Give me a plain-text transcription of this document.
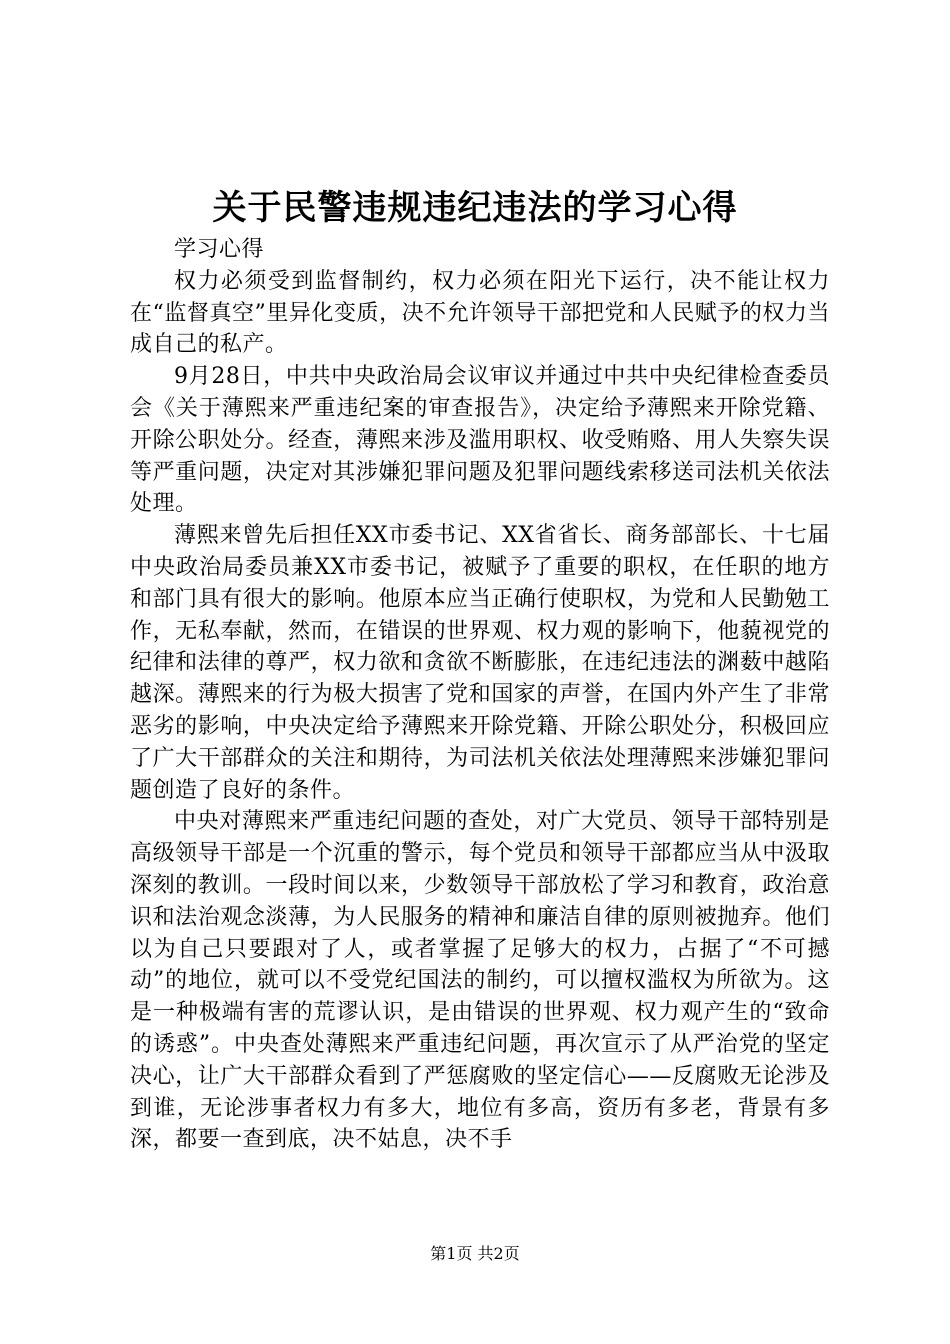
关于民警违规违纪违法的学习心得

学习心得

权力必须受到监督制约，权力必须在阳光下运行，决不能让权力在“监督真空”里异化变质，决不允许领导干部把党和人民赋予的权力当成自己的私产。

9月28日，中共中央政治局会议审议并通过中共中央纪律检查委员会《关于薄熙来严重违纪案的审查报告》，决定给予薄熙来开除党籍、开除公职处分。经查，薄熙来涉及滥用职权、收受贿赂、用人失察失误等严重问题，决定对其涉嫌犯罪问题及犯罪问题线索移送司法机关依法处理。

薄熙来曾先后担任XX市委书记、XX省省长、商务部部长、十七届中央政治局委员兼XX市委书记，被赋予了重要的职权，在任职的地方和部门具有很大的影响。他原本应当正确行使职权，为党和人民勤勉工作，无私奉献，然而，在错误的世界观、权力观的影响下，他藐视党的纪律和法律的尊严，权力欲和贪欲不断膨胀，在违纪违法的渊薮中越陷越深。薄熙来的行为极大损害了党和国家的声誉，在国内外产生了非常恶劣的影响，中央决定给予薄熙来开除党籍、开除公职处分，积极回应了广大干部群众的关注和期待，为司法机关依法处理薄熙来涉嫌犯罪问题创造了良好的条件。

中央对薄熙来严重违纪问题的查处，对广大党员、领导干部特别是高级领导干部是一个沉重的警示，每个党员和领导干部都应当从中汲取深刻的教训。一段时间以来，少数领导干部放松了学习和教育，政治意识和法治观念淡薄，为人民服务的精神和廉洁自律的原则被抛弃。他们以为自己只要跟对了人，或者掌握了足够大的权力，占据了“不可撼动”的地位，就可以不受党纪国法的制约，可以擅权滥权为所欲为。这是一种极端有害的荒谬认识，是由错误的世界观、权力观产生的“致命的诱惑”。中央查处薄熙来严重违纪问题，再次宣示了从严治党的坚定决心，让广大干部群众看到了严惩腐败的坚定信心——反腐败无论涉及到谁，无论涉事者权力有多大，地位有多高，资历有多老，背景有多深，都要一查到底，决不姑息，决不手

第1页 共2页
